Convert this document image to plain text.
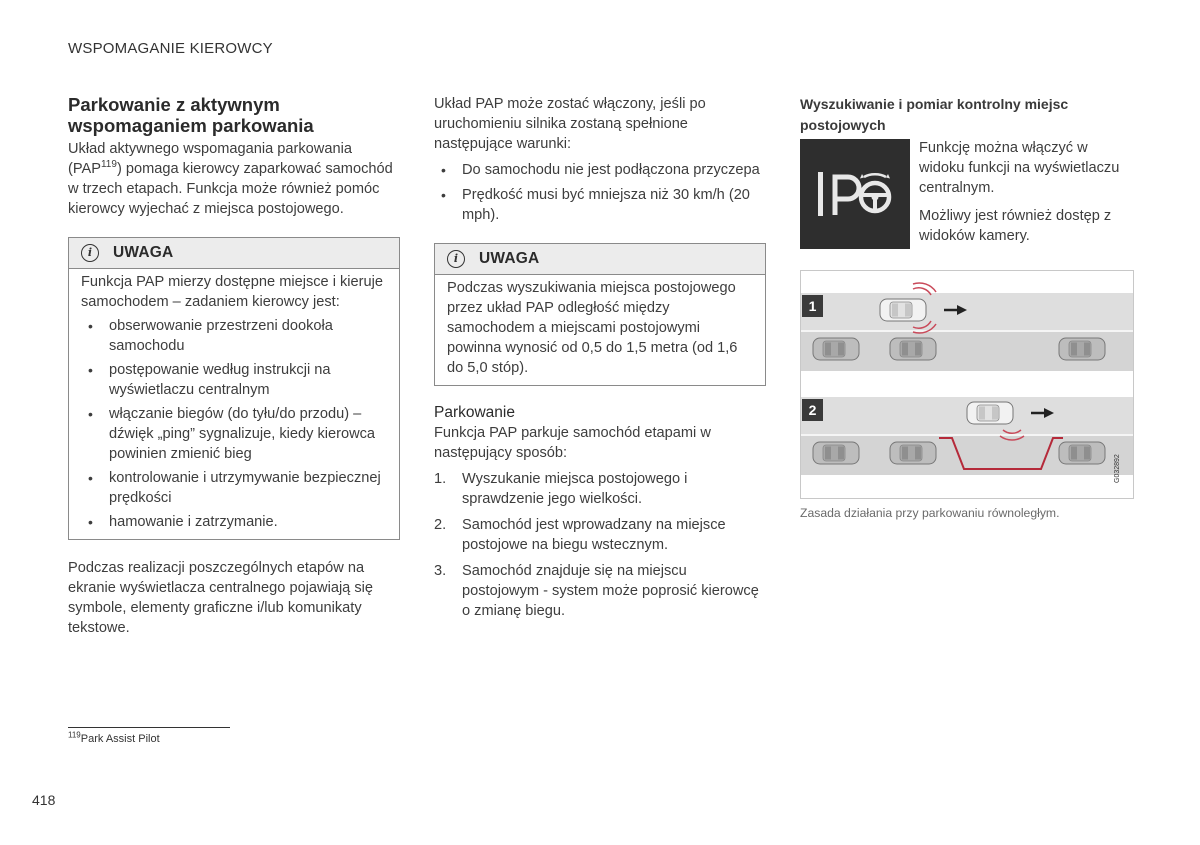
WSPOMAGANIE KIEROWCY
Parkowanie z aktywnym wspomaganiem parkowania

Układ aktywnego wspomagania parkowania (PAP$^{119}$) pomaga kierowcy zaparkować samochód w trzech etapach. Funkcja może również pomóc kierowcy wyjechać z miejsca postojowego.

i	UWAGA

Funkcja PAP mierzy dostępne miejsce i kieruje samochodem – zadaniem kierowcy jest:

• obserwowanie przestrzeni dookoła samochodu
• postępowanie według instrukcji na wyświetlaczu centralnym
• włączanie biegów (do tyłu/do przodu) – dźwięk „ping” sygnalizuje, kiedy kierowca powinien zmienić bieg
• kontrolowanie i utrzymywanie bezpiecznej prędkości
• hamowanie i zatrzymanie.

Podczas realizacji poszczególnych etapów na ekranie wyświetlacza centralnego pojawiają się symbole, elementy graficzne i/lub komunikaty tekstowe.

Układ PAP może zostać włączony, jeśli po uruchomieniu silnika zostaną spełnione następujące warunki:

• Do samochodu nie jest podłączona przyczepa
• Prędkość musi być mniejsza niż 30 km/h (20 mph).
i	UWAGA

Podczas wyszukiwania miejsca postojowego przez układ PAP odległość między samochodem a miejscami postojowymi powinna wynosić od 0,5 do 1,5 metra (od 1,6 do 5,0 stóp).

Parkowanie

Funkcja PAP parkuje samochód etapami w następujący sposób:

1. Wyszukanie miejsca postojowego i sprawdzenie jego wielkości.
2. Samochód jest wprowadzany na miejsce postojowe na biegu wstecznym.
3. Samochód znajduje się na miejscu postojowym - system może poprosić kierowcę o zmianę biegu.
Wyszukiwanie i pomiar kontrolny miejsc postojowych

Funkcję można włączyć w widoku funkcji na wyświetlaczu centralnym.

Możliwy jest również dostęp z widoków kamery.

1
2
G032892
Zasada działania przy parkowaniu równoległym.
$^{119}$Park Assist Pilot
418
